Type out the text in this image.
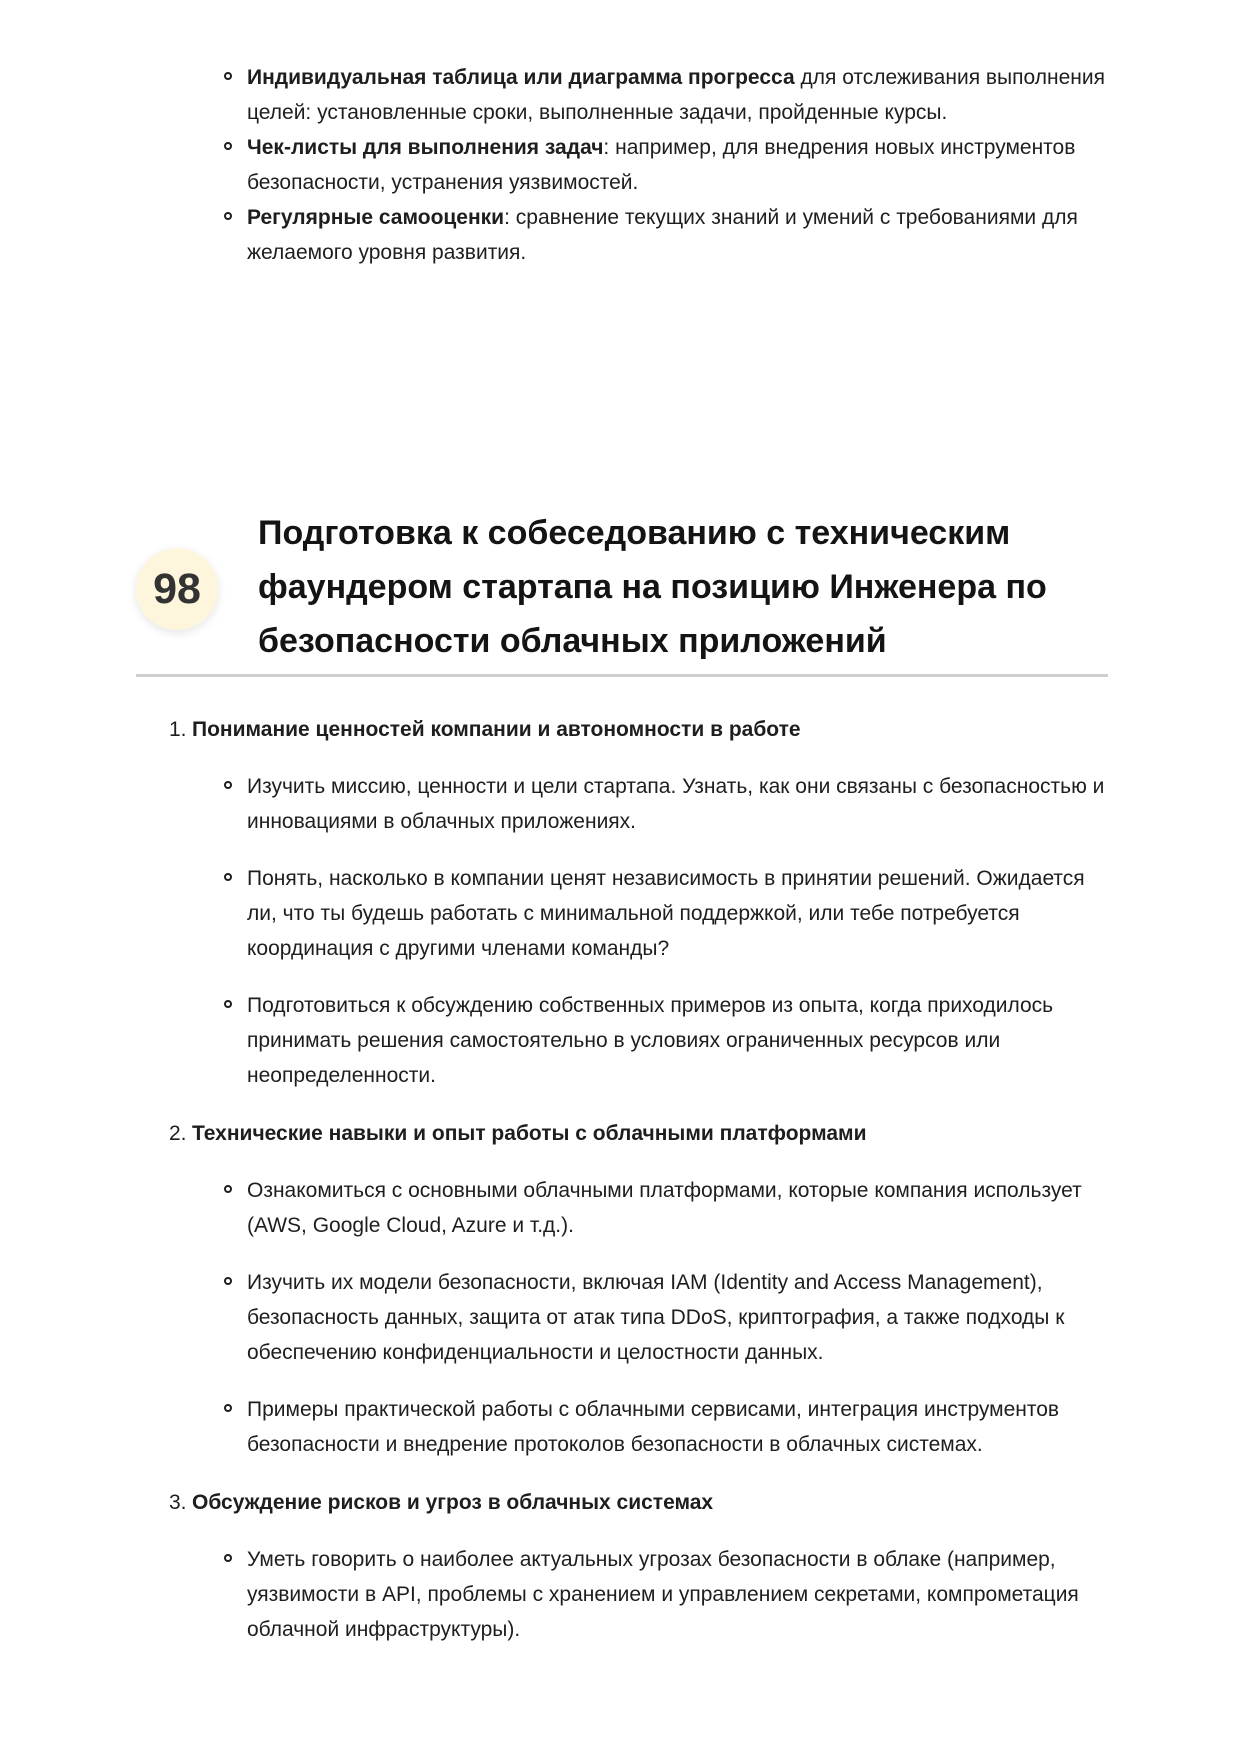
Индивидуальная таблица или диаграмма прогресса для отслеживания выполнения целей: установленные сроки, выполненные задачи, пройденные курсы.
Чек-листы для выполнения задач: например, для внедрения новых инструментов безопасности, устранения уязвимостей.
Регулярные самооценки: сравнение текущих знаний и умений с требованиями для желаемого уровня развития.
98
Подготовка к собеседованию с техническим фаундером стартапа на позицию Инженера по безопасности облачных приложений
1. Понимание ценностей компании и автономности в работе
Изучить миссию, ценности и цели стартапа. Узнать, как они связаны с безопасностью и инновациями в облачных приложениях.
Понять, насколько в компании ценят независимость в принятии решений. Ожидается ли, что ты будешь работать с минимальной поддержкой, или тебе потребуется координация с другими членами команды?
Подготовиться к обсуждению собственных примеров из опыта, когда приходилось принимать решения самостоятельно в условиях ограниченных ресурсов или неопределенности.
2. Технические навыки и опыт работы с облачными платформами
Ознакомиться с основными облачными платформами, которые компания использует (AWS, Google Cloud, Azure и т.д.).
Изучить их модели безопасности, включая IAM (Identity and Access Management), безопасность данных, защита от атак типа DDoS, криптография, а также подходы к обеспечению конфиденциальности и целостности данных.
Примеры практической работы с облачными сервисами, интеграция инструментов безопасности и внедрение протоколов безопасности в облачных системах.
3. Обсуждение рисков и угроз в облачных системах
Уметь говорить о наиболее актуальных угрозах безопасности в облаке (например, уязвимости в API, проблемы с хранением и управлением секретами, компрометация облачной инфраструктуры).
